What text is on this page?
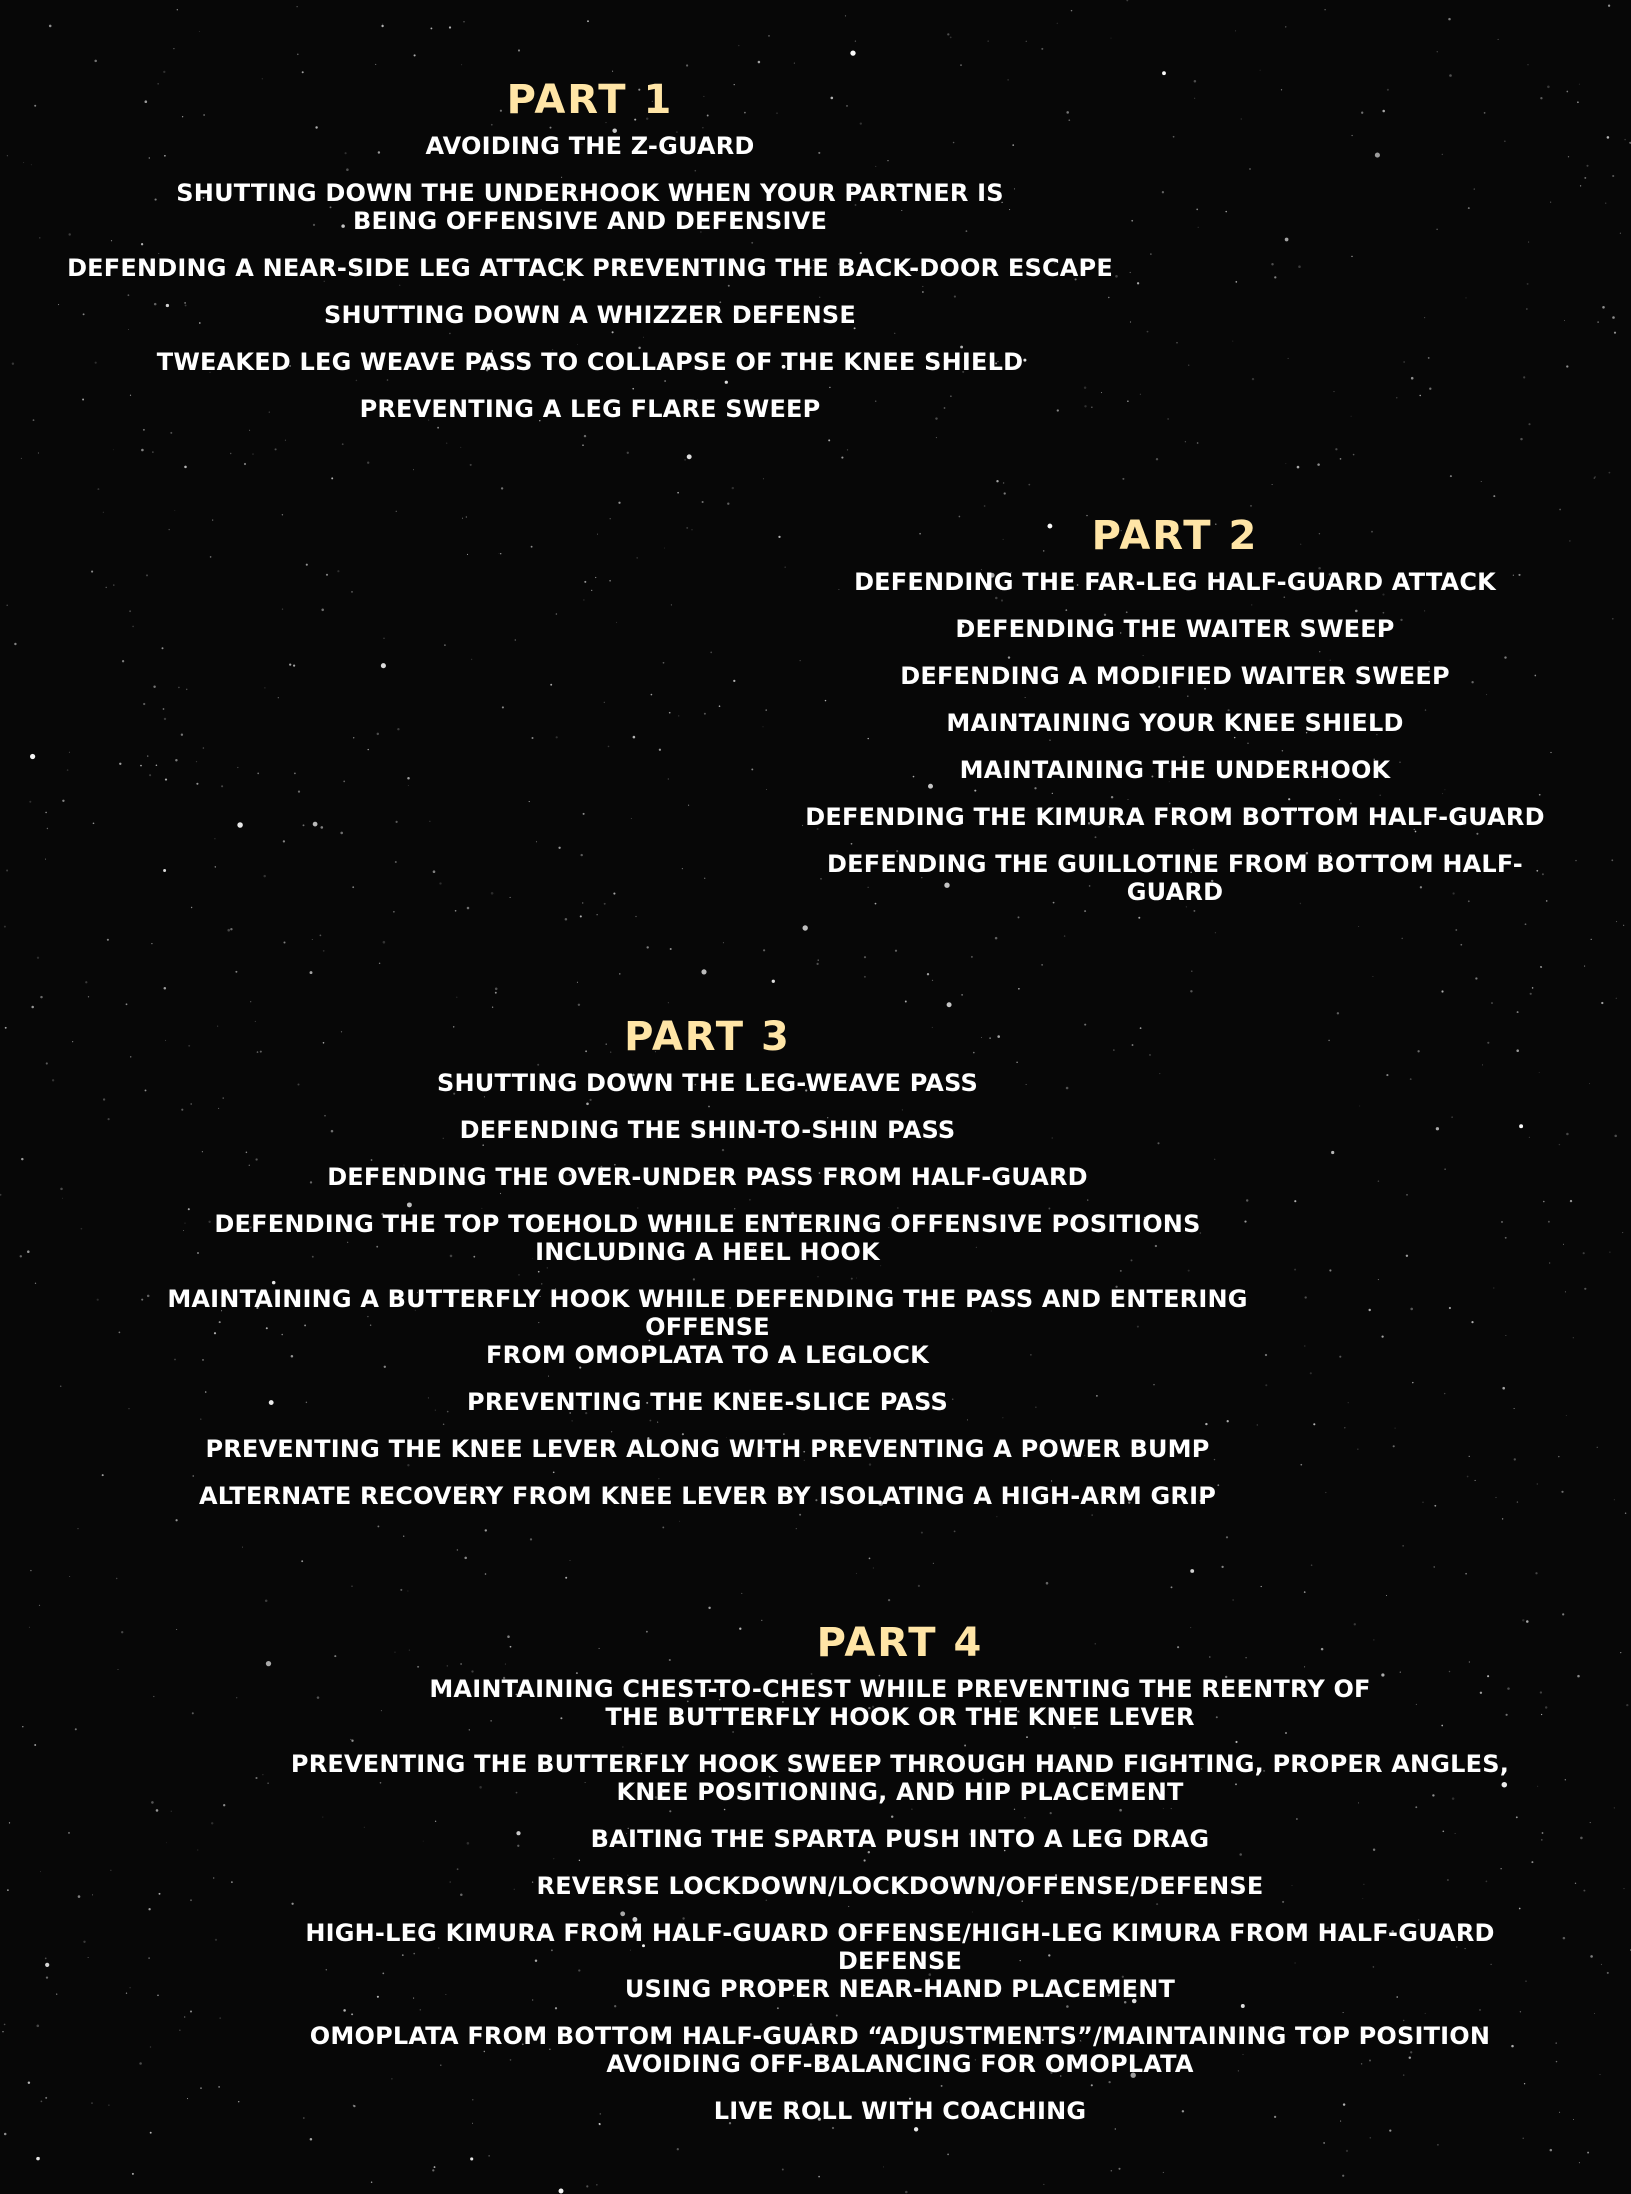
PART 1
AVOIDING THE Z-GUARD
SHUTTING DOWN THE UNDERHOOK WHEN YOUR PARTNER IS
BEING OFFENSIVE AND DEFENSIVE
DEFENDING A NEAR-SIDE LEG ATTACK PREVENTING THE BACK-DOOR ESCAPE
SHUTTING DOWN A WHIZZER DEFENSE
TWEAKED LEG WEAVE PASS TO COLLAPSE OF THE KNEE SHIELD
PREVENTING A LEG FLARE SWEEP
PART 2
DEFENDING THE FAR-LEG HALF-GUARD ATTACK
DEFENDING THE WAITER SWEEP
DEFENDING A MODIFIED WAITER SWEEP
MAINTAINING YOUR KNEE SHIELD
MAINTAINING THE UNDERHOOK
DEFENDING THE KIMURA FROM BOTTOM HALF-GUARD
DEFENDING THE GUILLOTINE FROM BOTTOM HALF-GUARD
PART 3
SHUTTING DOWN THE LEG-WEAVE PASS
DEFENDING THE SHIN-TO-SHIN PASS
DEFENDING THE OVER-UNDER PASS FROM HALF-GUARD
DEFENDING THE TOP TOEHOLD WHILE ENTERING OFFENSIVE POSITIONS
INCLUDING A HEEL HOOK
MAINTAINING A BUTTERFLY HOOK WHILE DEFENDING THE PASS AND ENTERING OFFENSE
FROM OMOPLATA TO A LEGLOCK
PREVENTING THE KNEE-SLICE PASS
PREVENTING THE KNEE LEVER ALONG WITH PREVENTING A POWER BUMP
ALTERNATE RECOVERY FROM KNEE LEVER BY ISOLATING A HIGH-ARM GRIP
PART 4
MAINTAINING CHEST-TO-CHEST WHILE PREVENTING THE REENTRY OF
THE BUTTERFLY HOOK OR THE KNEE LEVER
PREVENTING THE BUTTERFLY HOOK SWEEP THROUGH HAND FIGHTING, PROPER ANGLES,
KNEE POSITIONING, AND HIP PLACEMENT
BAITING THE SPARTA PUSH INTO A LEG DRAG
REVERSE LOCKDOWN/LOCKDOWN/OFFENSE/DEFENSE
HIGH-LEG KIMURA FROM HALF-GUARD OFFENSE/HIGH-LEG KIMURA FROM HALF-GUARD DEFENSE
USING PROPER NEAR-HAND PLACEMENT
OMOPLATA FROM BOTTOM HALF-GUARD “ADJUSTMENTS”/MAINTAINING TOP POSITION
AVOIDING OFF-BALANCING FOR OMOPLATA
LIVE ROLL WITH COACHING
